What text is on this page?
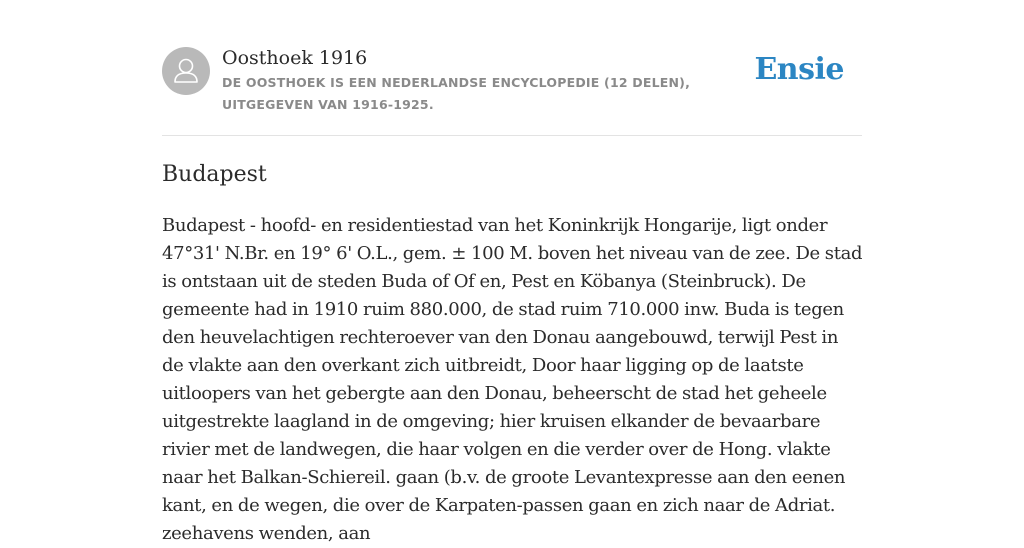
Oosthoek 1916
DE OOSTHOEK IS EEN NEDERLANDSE ENCYCLOPEDIE (12 DELEN), UITGEGEVEN VAN 1916-1925.
Ensie
Budapest

Budapest - hoofd- en residentiestad van het Koninkrijk Hongarije, ligt onder 47°31' N.Br. en 19° 6' O.L., gem. ± 100 M. boven het niveau van de zee. De stad is ontstaan uit de steden Buda of Of en, Pest en Köbanya (Steinbruck). De gemeente had in 1910 ruim 880.000, de stad ruim 710.000 inw. Buda is tegen den heuvelachtigen rechteroever van den Donau aangebouwd, terwijl Pest in de vlakte aan den overkant zich uitbreidt, Door haar ligging op de laatste uitloopers van het gebergte aan den Donau, beheerscht de stad het geheele uitgestrekte laagland in de omgeving; hier kruisen elkander de bevaarbare rivier met de landwegen, die haar volgen en die verder over de Hong. vlakte naar het Balkan-Schiereil. gaan (b.v. de groote Levantexpresse aan den eenen kant, en de wegen, die over de Karpaten-passen gaan en zich naar de Adriat. zeehavens wenden, aan
